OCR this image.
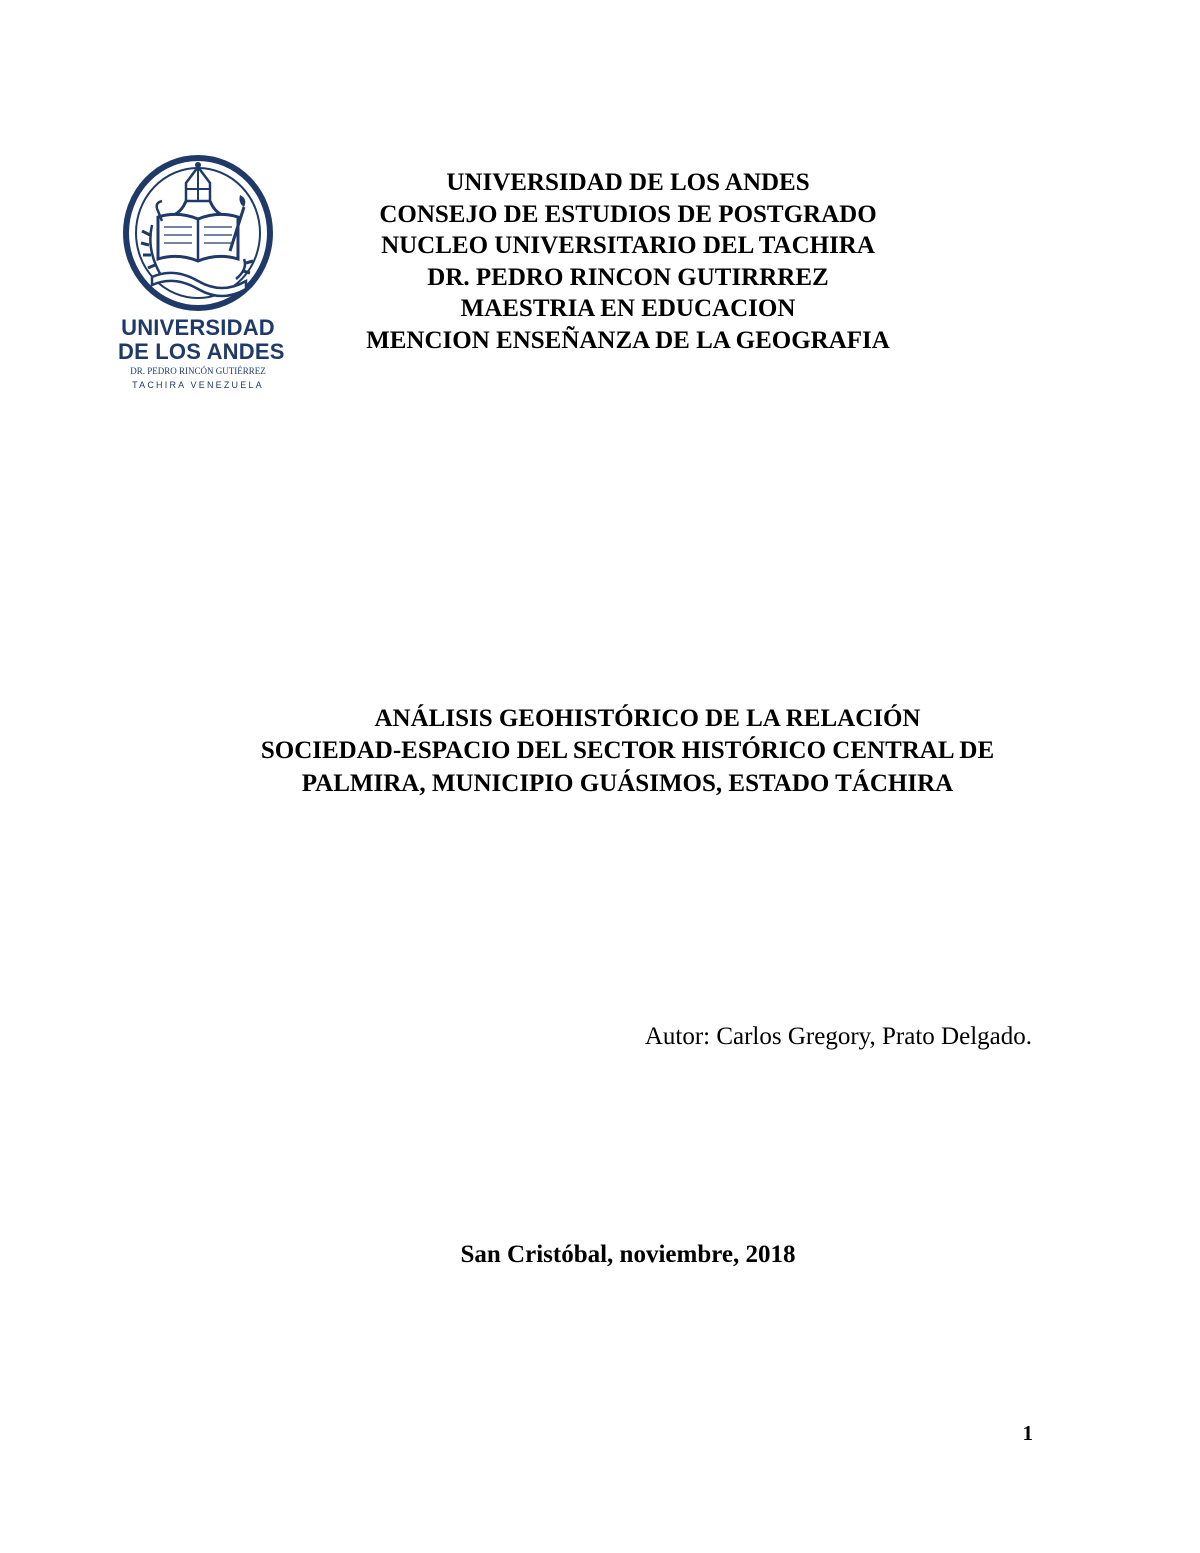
UNIVERSIDAD
DE LOS ANDES
DR. PEDRO RINCÓN GUTIÉRREZ
TACHIRA VENEZUELA
UNIVERSIDAD DE LOS ANDES
CONSEJO DE ESTUDIOS DE POSTGRADO
NUCLEO UNIVERSITARIO DEL TACHIRA
DR. PEDRO RINCON GUTIRRREZ
MAESTRIA EN EDUCACION
MENCION ENSEÑANZA DE LA GEOGRAFIA
ANÁLISIS GEOHISTÓRICO DE LA RELACIÓN
SOCIEDAD-ESPACIO DEL SECTOR HISTÓRICO CENTRAL DE
PALMIRA, MUNICIPIO GUÁSIMOS, ESTADO TÁCHIRA
Autor: Carlos Gregory, Prato Delgado.
San Cristóbal, noviembre, 2018
1
